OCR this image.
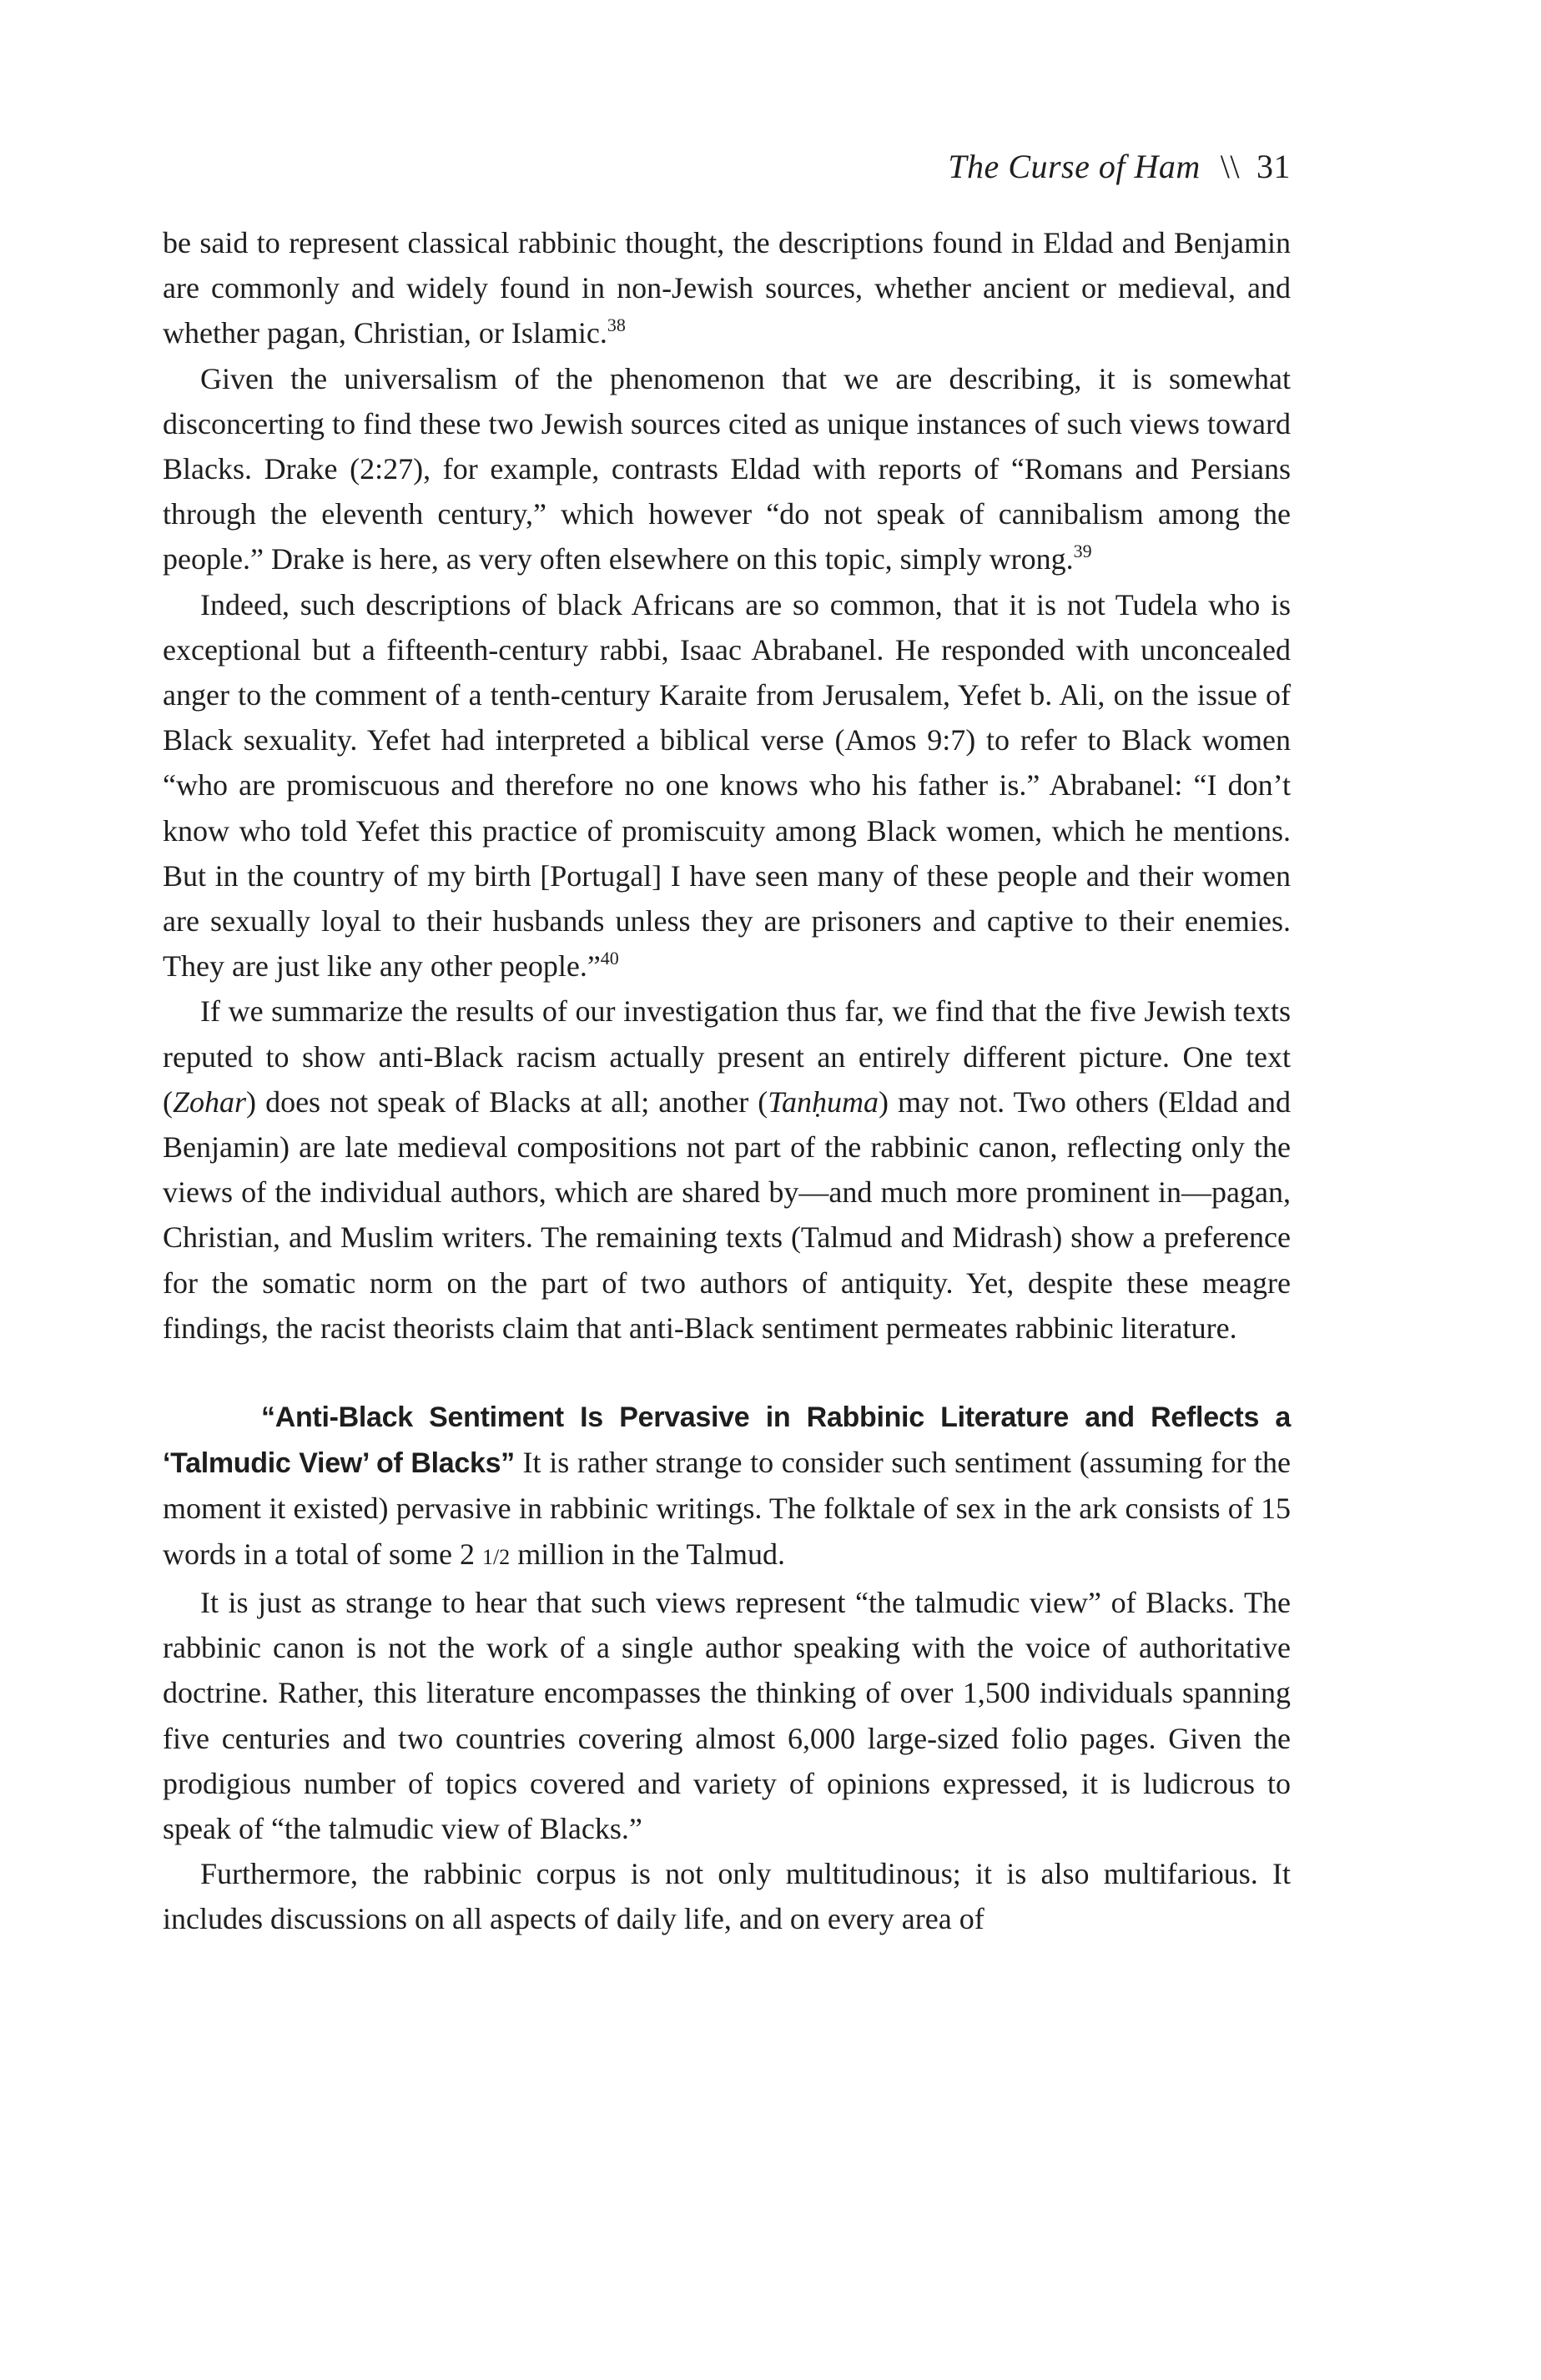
The Curse of Ham \\ 31

be said to represent classical rabbinic thought, the descriptions found in Eldad and Benjamin are commonly and widely found in non-Jewish sources, whether ancient or medieval, and whether pagan, Christian, or Islamic.$^{38}$

Given the universalism of the phenomenon that we are describing, it is somewhat disconcerting to find these two Jewish sources cited as unique instances of such views toward Blacks. Drake (2:27), for example, contrasts Eldad with reports of “Romans and Persians through the eleventh century,” which however “do not speak of cannibalism among the people.” Drake is here, as very often elsewhere on this topic, simply wrong.$^{39}$

Indeed, such descriptions of black Africans are so common, that it is not Tudela who is exceptional but a fifteenth-century rabbi, Isaac Abrabanel. He responded with unconcealed anger to the comment of a tenth-century Karaite from Jerusalem, Yefet b. Ali, on the issue of Black sexuality. Yefet had interpreted a biblical verse (Amos 9:7) to refer to Black women “who are promiscuous and therefore no one knows who his father is.” Abrabanel: “I don’t know who told Yefet this practice of promiscuity among Black women, which he mentions. But in the country of my birth [Portugal] I have seen many of these people and their women are sexually loyal to their husbands unless they are prisoners and captive to their enemies. They are just like any other people.”$^{40}$

If we summarize the results of our investigation thus far, we find that the five Jewish texts reputed to show anti-Black racism actually present an entirely different picture. One text (Zohar) does not speak of Blacks at all; another (Tanḥuma) may not. Two others (Eldad and Benjamin) are late medieval compositions not part of the rabbinic canon, reflecting only the views of the individual authors, which are shared by—and much more prominent in—pagan, Christian, and Muslim writers. The remaining texts (Talmud and Midrash) show a preference for the somatic norm on the part of two authors of antiquity. Yet, despite these meagre findings, the racist theorists claim that anti-Black sentiment permeates rabbinic literature.

“Anti-Black Sentiment Is Pervasive in Rabbinic Literature and Reflects a ‘Talmudic View’ of Blacks” It is rather strange to consider such sentiment (assuming for the moment it existed) pervasive in rabbinic writings. The folktale of sex in the ark consists of 15 words in a total of some 2 1/2 million in the Talmud.

It is just as strange to hear that such views represent “the talmudic view” of Blacks. The rabbinic canon is not the work of a single author speaking with the voice of authoritative doctrine. Rather, this literature encompasses the thinking of over 1,500 individuals spanning five centuries and two countries covering almost 6,000 large-sized folio pages. Given the prodigious number of topics covered and variety of opinions expressed, it is ludicrous to speak of “the talmudic view of Blacks.”

Furthermore, the rabbinic corpus is not only multitudinous; it is also multifarious. It includes discussions on all aspects of daily life, and on every area of
